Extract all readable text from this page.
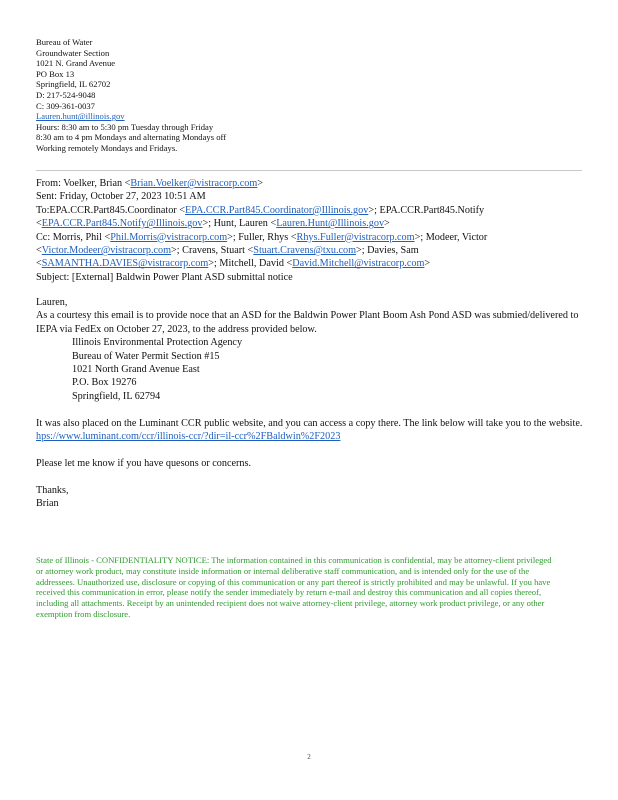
Bureau of Water
Groundwater Section
1021 N. Grand Avenue
PO Box 13
Springfield, IL 62702
D: 217-524-9048
C: 309-361-0037
Lauren.hunt@illinois.gov
Hours: 8:30 am to 5:30 pm Tuesday through Friday
8:30 am to 4 pm Mondays and alternating Mondays off
Working remotely Mondays and Fridays.
From: Voelker, Brian <Brian.Voelker@vistracorp.com>
Sent: Friday, October 27, 2023 10:51 AM
To:EPA.CCR.Part845.Coordinator <EPA.CCR.Part845.Coordinator@Illinois.gov>; EPA.CCR.Part845.Notify
<EPA.CCR.Part845.Notify@Illinois.gov>; Hunt, Lauren <Lauren.Hunt@Illinois.gov>
Cc: Morris, Phil <Phil.Morris@vistracorp.com>; Fuller, Rhys <Rhys.Fuller@vistracorp.com>; Modeer, Victor
<Victor.Modeer@vistracorp.com>; Cravens, Stuart <Stuart.Cravens@txu.com>; Davies, Sam
<SAMANTHA.DAVIES@vistracorp.com>; Mitchell, David <David.Mitchell@vistracorp.com>
Subject: [External] Baldwin Power Plant ASD submittal notice

Lauren,

As a courtesy this email is to provide noce that an ASD for the Baldwin Power Plant Boom Ash Pond ASD was submied/delivered to IEPA via FedEx on October 27, 2023, to the address provided below.

Illinois Environmental Protection Agency
Bureau of Water Permit Section #15
1021 North Grand Avenue East
P.O. Box 19276
Springfield, IL 62794

It was also placed on the Luminant CCR public website, and you can access a copy there. The link below will take you to the website.

hps://www.luminant.com/ccr/illinois-ccr/?dir=il-ccr%2FBaldwin%2F2023

Please let me know if you have quesons or concerns.

Thanks,

Brian

State of Illinois - CONFIDENTIALITY NOTICE: The information contained in this communication is confidential, may be attorney-client privileged or attorney work product, may constitute inside information or internal deliberative staff communication, and is intended only for the use of the addressees. Unauthorized use, disclosure or copying of this communication or any part thereof is strictly prohibited and may be unlawful. If you have received this communication in error, please notify the sender immediately by return e-mail and destroy this communication and all copies thereof, including all attachments. Receipt by an unintended recipient does not waive attorney-client privilege, attorney work product privilege, or any other exemption from disclosure.
2
